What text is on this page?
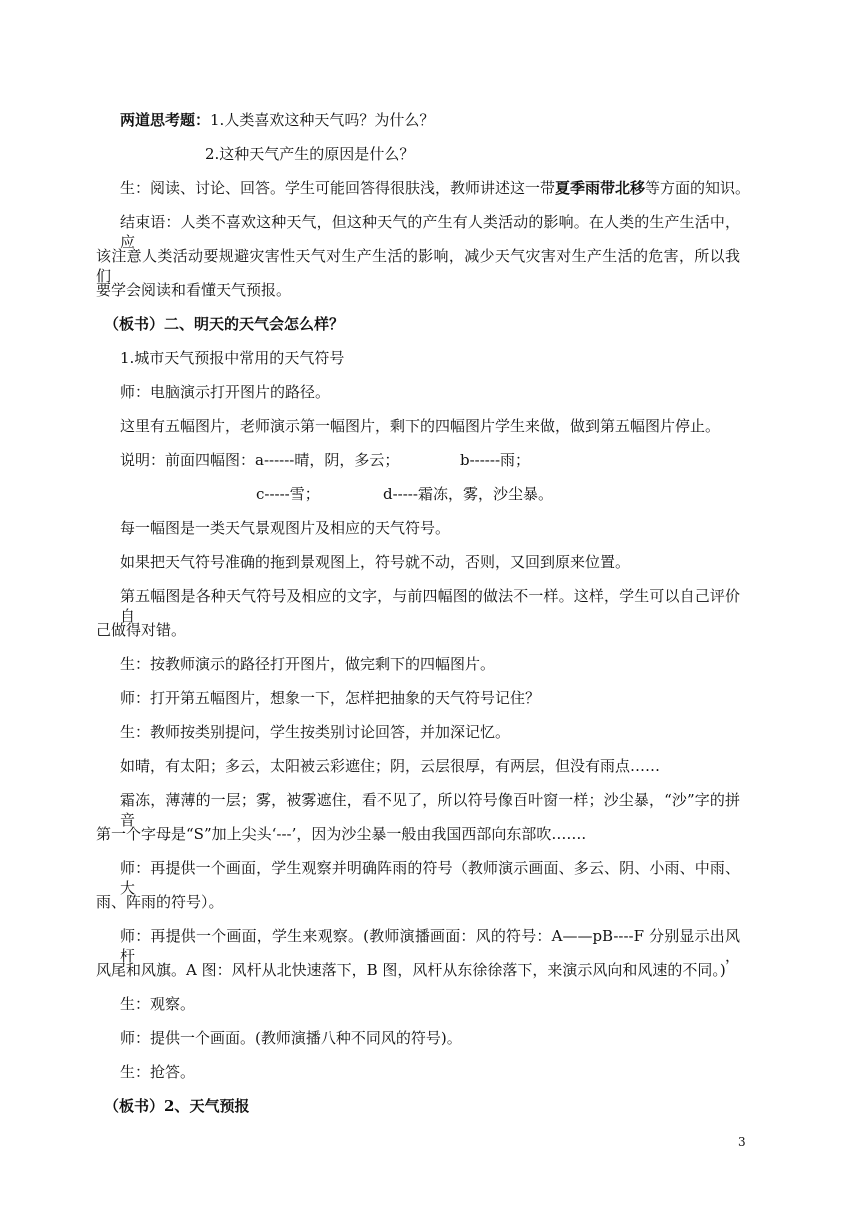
两道思考题：1.人类喜欢这种天气吗？为什么？
2.这种天气产生的原因是什么？
生：阅读、讨论、回答。学生可能回答得很肤浅，教师讲述这一带夏季雨带北移等方面的知识。
结束语：人类不喜欢这种天气，但这种天气的产生有人类活动的影响。在人类的生产生活中，应
该注意人类活动要规避灾害性天气对生产生活的影响，减少天气灾害对生产生活的危害，所以我们
要学会阅读和看懂天气预报。
（板书）二、明天的天气会怎么样？
1.城市天气预报中常用的天气符号
师：电脑演示打开图片的路径。
这里有五幅图片，老师演示第一幅图片，剩下的四幅图片学生来做，做到第五幅图片停止。
说明：前面四幅图：a------晴，阴，多云；	b------雨；
c-----雪；	d-----霜冻，雾，沙尘暴。
每一幅图是一类天气景观图片及相应的天气符号。
如果把天气符号准确的拖到景观图上，符号就不动，否则，又回到原来位置。
第五幅图是各种天气符号及相应的文字，与前四幅图的做法不一样。这样，学生可以自己评价自
己做得对错。
生：按教师演示的路径打开图片，做完剩下的四幅图片。
师：打开第五幅图片，想象一下，怎样把抽象的天气符号记住？
生：教师按类别提问，学生按类别讨论回答，并加深记忆。
如晴，有太阳；多云，太阳被云彩遮住；阴，云层很厚，有两层，但没有雨点……
霜冻，薄薄的一层；雾，被雾遮住，看不见了，所以符号像百叶窗一样；沙尘暴，“沙”字的拼音
第一个字母是“S”加上尖头‘---’，因为沙尘暴一般由我国西部向东部吹…….
师：再提供一个画面，学生观察并明确阵雨的符号（教师演示画面、多云、阴、小雨、中雨、大
雨、阵雨的符号）。
师：再提供一个画面，学生来观察。(教师演播画面：风的符号：A——pB----F 分别显示出风杆，
风尾和风旗。A 图：风杆从北快速落下，B 图，风杆从东徐徐落下，来演示风向和风速的不同。)
生：观察。
师：提供一个画面。(教师演播八种不同风的符号)。
生：抢答。
（板书）2、天气预报
3
